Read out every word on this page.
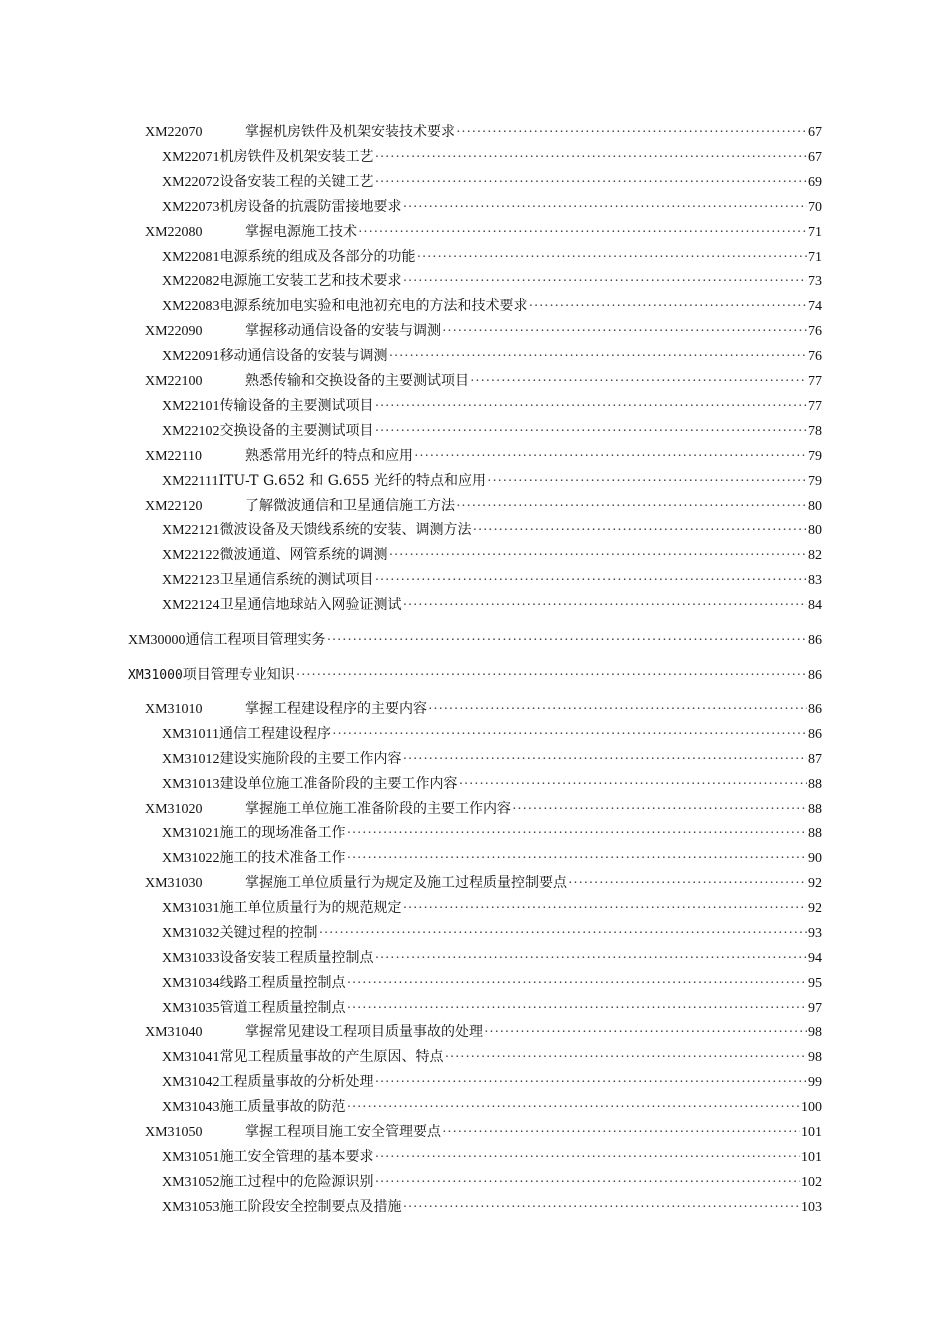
XM22070	掌握机房铁件及机架安装技术要求 ·····	67
XM22071 机房铁件及机架安装工艺 ·····	67
XM22072 设备安装工程的关键工艺 ·····	69
XM22073 机房设备的抗震防雷接地要求 ·····	70
XM22080	掌握电源施工技术 ·····	71
XM22081 电源系统的组成及各部分的功能 ·····	71
XM22082 电源施工安装工艺和技术要求 ·····	73
XM22083 电源系统加电实验和电池初充电的方法和技术要求 ·····	74
XM22090	掌握移动通信设备的安装与调测 ·····	76
XM22091 移动通信设备的安装与调测 ·····	76
XM22100	熟悉传输和交换设备的主要测试项目 ·····	77
XM22101 传输设备的主要测试项目 ·····	77
XM22102 交换设备的主要测试项目 ·····	78
XM22110	熟悉常用光纤的特点和应用 ·····	79
XM22111 ITU-T G.652 和 G.655 光纤的特点和应用 ·····	79
XM22120	了解微波通信和卫星通信施工方法 ·····	80
XM22121 微波设备及天馈线系统的安装、调测方法 ·····	80
XM22122 微波通道、网管系统的调测 ·····	82
XM22123 卫星通信系统的测试项目 ·····	83
XM22124 卫星通信地球站入网验证测试 ·····	84
XM30000 通信工程项目管理实务 ·····	86
XM31000 项目管理专业知识 ·····	86
XM31010	掌握工程建设程序的主要内容 ·····	86
XM31011 通信工程建设程序 ·····	86
XM31012 建设实施阶段的主要工作内容 ·····	87
XM31013 建设单位施工准备阶段的主要工作内容 ·····	88
XM31020	掌握施工单位施工准备阶段的主要工作内容 ·····	88
XM31021 施工的现场准备工作 ·····	88
XM31022 施工的技术准备工作 ·····	90
XM31030	掌握施工单位质量行为规定及施工过程质量控制要点 ·····	92
XM31031 施工单位质量行为的规范规定 ·····	92
XM31032 关键过程的控制 ·····	93
XM31033 设备安装工程质量控制点 ·····	94
XM31034 线路工程质量控制点 ·····	95
XM31035 管道工程质量控制点 ·····	97
XM31040	掌握常见建设工程项目质量事故的处理 ·····	98
XM31041 常见工程质量事故的产生原因、特点 ·····	98
XM31042 工程质量事故的分析处理 ·····	99
XM31043 施工质量事故的防范 ·····	100
XM31050	掌握工程项目施工安全管理要点 ·····	101
XM31051 施工安全管理的基本要求 ·····	101
XM31052 施工过程中的危险源识别 ·····	102
XM31053 施工阶段安全控制要点及措施 ·····	103
